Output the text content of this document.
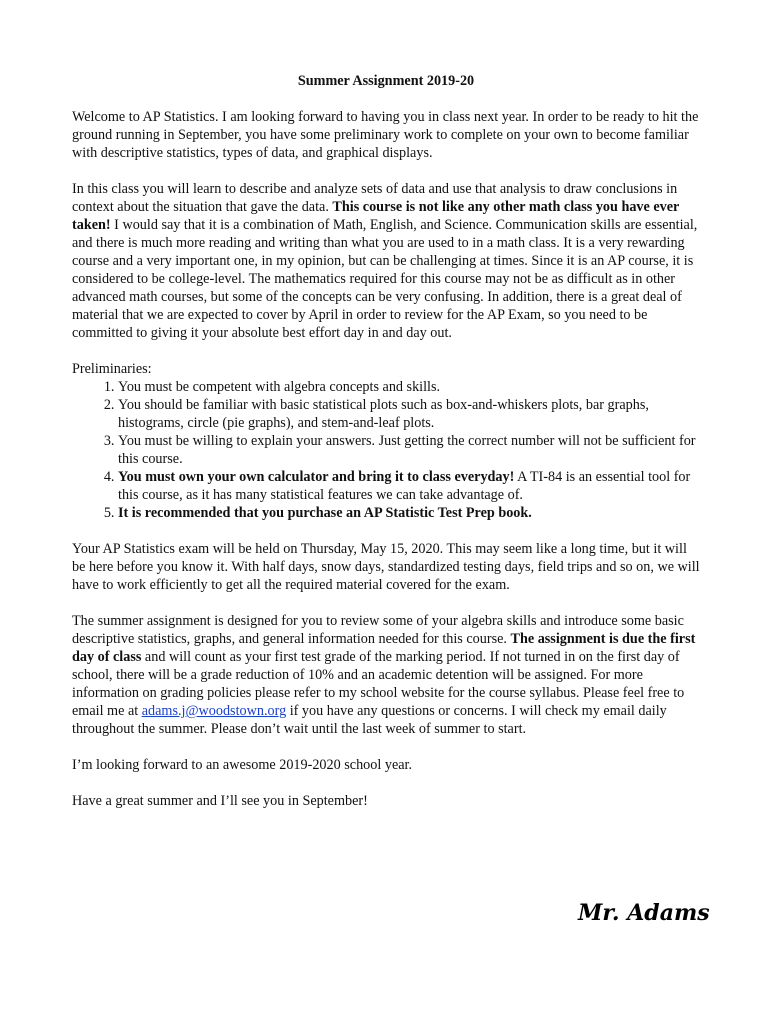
Summer Assignment 2019-20

Welcome to AP Statistics. I am looking forward to having you in class next year. In order to be ready to hit the ground running in September, you have some preliminary work to complete on your own to become familiar with descriptive statistics, types of data, and graphical displays.

In this class you will learn to describe and analyze sets of data and use that analysis to draw conclusions in context about the situation that gave the data. This course is not like any other math class you have ever taken! I would say that it is a combination of Math, English, and Science. Communication skills are essential, and there is much more reading and writing than what you are used to in a math class. It is a very rewarding course and a very important one, in my opinion, but can be challenging at times. Since it is an AP course, it is considered to be college-level. The mathematics required for this course may not be as difficult as in other advanced math courses, but some of the concepts can be very confusing. In addition, there is a great deal of material that we are expected to cover by April in order to review for the AP Exam, so you need to be committed to giving it your absolute best effort day in and day out.

Preliminaries:
1. You must be competent with algebra concepts and skills.
2. You should be familiar with basic statistical plots such as box-and-whiskers plots, bar graphs, histograms, circle (pie graphs), and stem-and-leaf plots.
3. You must be willing to explain your answers. Just getting the correct number will not be sufficient for this course.
4. You must own your own calculator and bring it to class everyday! A TI-84 is an essential tool for this course, as it has many statistical features we can take advantage of.
5. It is recommended that you purchase an AP Statistic Test Prep book.

Your AP Statistics exam will be held on Thursday, May 15, 2020. This may seem like a long time, but it will be here before you know it. With half days, snow days, standardized testing days, field trips and so on, we will have to work efficiently to get all the required material covered for the exam.

The summer assignment is designed for you to review some of your algebra skills and introduce some basic descriptive statistics, graphs, and general information needed for this course. The assignment is due the first day of class and will count as your first test grade of the marking period. If not turned in on the first day of school, there will be a grade reduction of 10% and an academic detention will be assigned. For more information on grading policies please refer to my school website for the course syllabus. Please feel free to email me at adams.j@woodstown.org if you have any questions or concerns. I will check my email daily throughout the summer. Please don’t wait until the last week of summer to start.

I’m looking forward to an awesome 2019-2020 school year.

Have a great summer and I’ll see you in September!

Mr. Adams
